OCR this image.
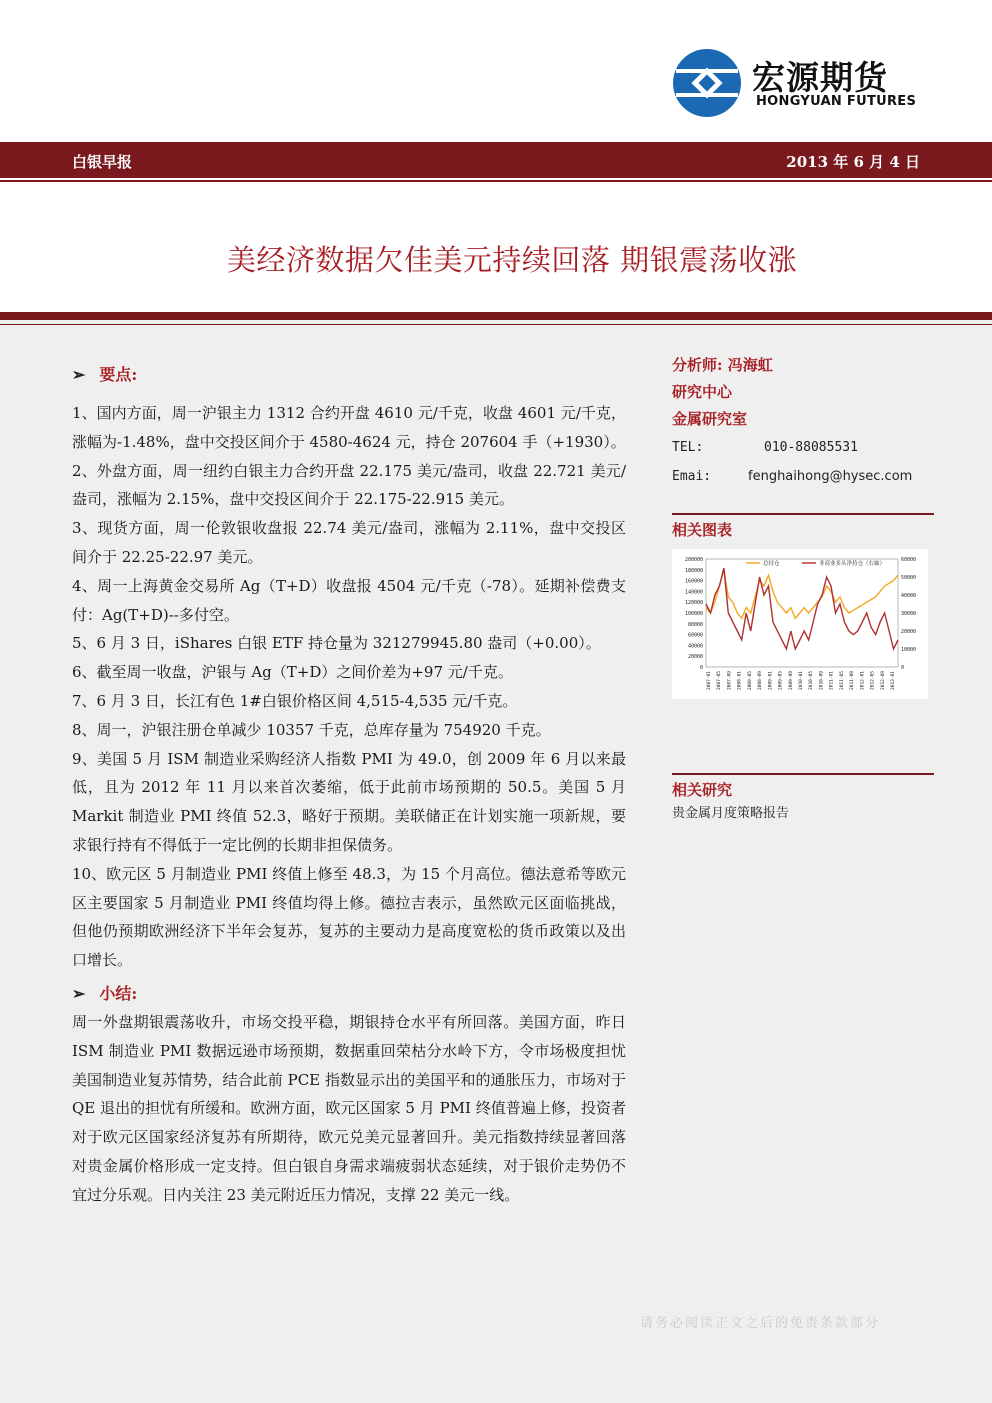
宏源期货
HONGYUAN FUTURES
白银早报	2013 年 6 月 4 日
美经济数据欠佳美元持续回落 期银震荡收涨
➢ 要点:

1、国内方面，周一沪银主力 1312 合约开盘 4610 元/千克，收盘 4601 元/千克，涨幅为-1.48%，盘中交投区间介于 4580-4624 元，持仓 207604 手（+1930）。

2、外盘方面，周一纽约白银主力合约开盘 22.175 美元/盎司，收盘 22.721 美元/盎司，涨幅为 2.15%，盘中交投区间介于 22.175-22.915 美元。

3、现货方面，周一伦敦银收盘报 22.74 美元/盎司，涨幅为 2.11%，盘中交投区间介于 22.25-22.97 美元。

4、周一上海黄金交易所 Ag（T+D）收盘报 4504 元/千克（-78）。延期补偿费支付：Ag(T+D)--多付空。

5、6 月 3 日，iShares 白银 ETF 持仓量为 321279945.80 盎司（+0.00）。

6、截至周一收盘，沪银与 Ag（T+D）之间价差为+97 元/千克。

7、6 月 3 日，长江有色 1#白银价格区间 4,515-4,535 元/千克。

8、周一，沪银注册仓单减少 10357 千克，总库存量为 754920 千克。

9、美国 5 月 ISM 制造业采购经济人指数 PMI 为 49.0，创 2009 年 6 月以来最低，且为 2012 年 11 月以来首次萎缩，低于此前市场预期的 50.5。美国 5 月 Markit 制造业 PMI 终值 52.3，略好于预期。美联储正在计划实施一项新规，要求银行持有不得低于一定比例的长期非担保债务。

10、欧元区 5 月制造业 PMI 终值上修至 48.3，为 15 个月高位。德法意希等欧元区主要国家 5 月制造业 PMI 终值均得上修。德拉吉表示，虽然欧元区面临挑战，但他仍预期欧洲经济下半年会复苏，复苏的主要动力是高度宽松的货币政策以及出口增长。

➢ 小结:

周一外盘期银震荡收升，市场交投平稳，期银持仓水平有所回落。美国方面，昨日 ISM 制造业 PMI 数据远逊市场预期，数据重回荣枯分水岭下方，令市场极度担忧美国制造业复苏情势，结合此前 PCE 指数显示出的美国平和的通胀压力，市场对于 QE 退出的担忧有所缓和。欧洲方面，欧元区国家 5 月 PMI 终值普遍上修，投资者对于欧元区国家经济复苏有所期待，欧元兑美元显著回升。美元指数持续显著回落对贵金属价格形成一定支持。但白银自身需求端疲弱状态延续，对于银价走势仍不宜过分乐观。日内关注 23 美元附近压力情况，支撑 22 美元一线。

分析师: 冯海虹
研究中心
金属研究室
TEL:	010-88085531
Emai:	fenghaihong@hysec.com
相关图表
200000
180000
160000
140000
120000
100000
80000
60000
40000
20000
0
60000
50000
40000
30000
20000
10000
0
2007-01 2007-05 2007-09 2008-01 2008-05 2008-09 2009-01 2009-05 2009-09 2010-01 2010-05 2010-09 2011-01 2011-05 2011-09 2012-01 2012-05 2012-09 2013-01
总持仓	非商业多头净持仓（右轴）
相关研究
贵金属月度策略报告
请务必阅读正文之后的免责条款部分
